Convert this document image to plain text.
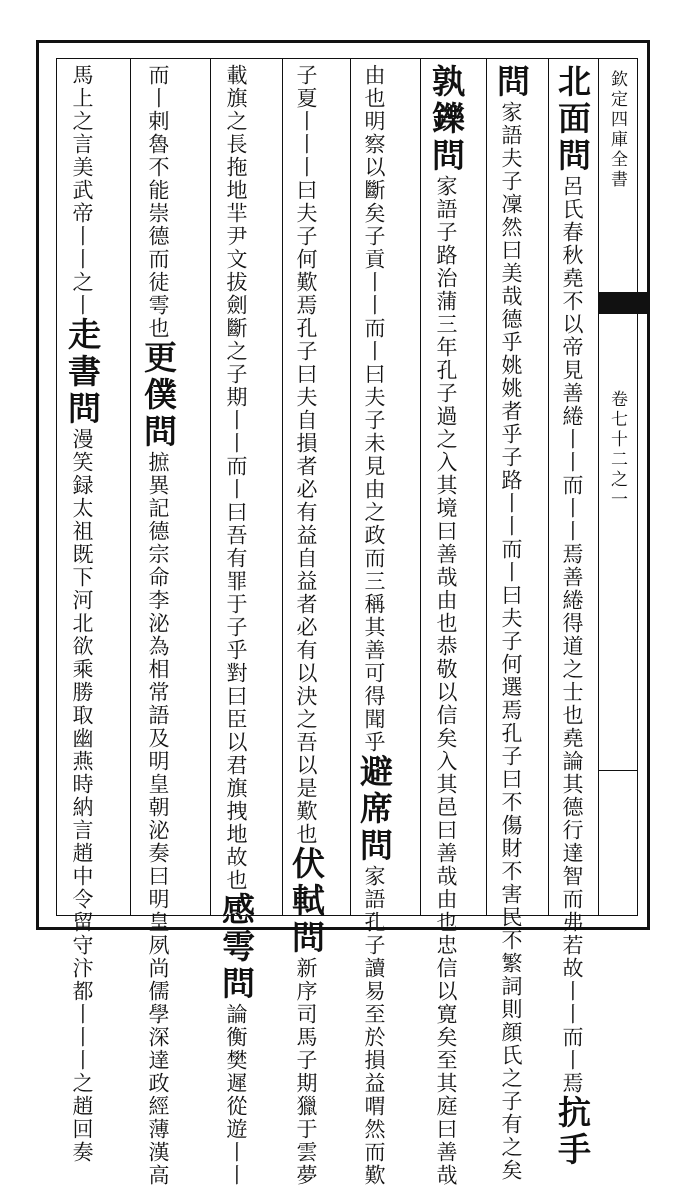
欽定四庫全書
卷七十二之一
北面問呂氏春秋堯不以帝見善綣丨丨而丨丨焉善綣得道之士也堯論其德行達智而弗若故丨丨而丨焉抗手
問家語夫子凜然曰美哉德乎姚姚者乎子路丨丨而丨曰夫子何選焉孔子曰不傷財不害民不繁詞則顔氏之子有之矣
孰鑠問家語子路治蒲三年孔子過之入其境曰善哉由也恭敬以信矣入其邑曰善哉由也忠信以寛矣至其庭曰善哉
由也明察以斷矣子貢丨丨而丨曰夫子未見由之政而三稱其善可得聞乎避席問家語孔子讀易至於損益喟然而歎
子夏丨丨丨曰夫子何歎焉孔子曰夫自損者必有益自益者必有以決之吾以是歎也伏軾問新序司馬子期獵于雲夢
載旗之長拖地羋尹文拔劍斷之子期丨丨而丨曰吾有罪于子乎對曰臣以君旗拽地故也感雩問論衡樊遲從遊丨丨
而丨剌魯不能崇德而徒雩也更僕問摭異記德宗命李泌為相常語及明皇朝泌奏曰明皇夙尚儒學深達政經薄漢高
馬上之言美武帝丨丨之丨走書問漫笑録太祖既下河北欲乘勝取幽燕時納言趙中令留守汴都丨丨丨之趙回奏
